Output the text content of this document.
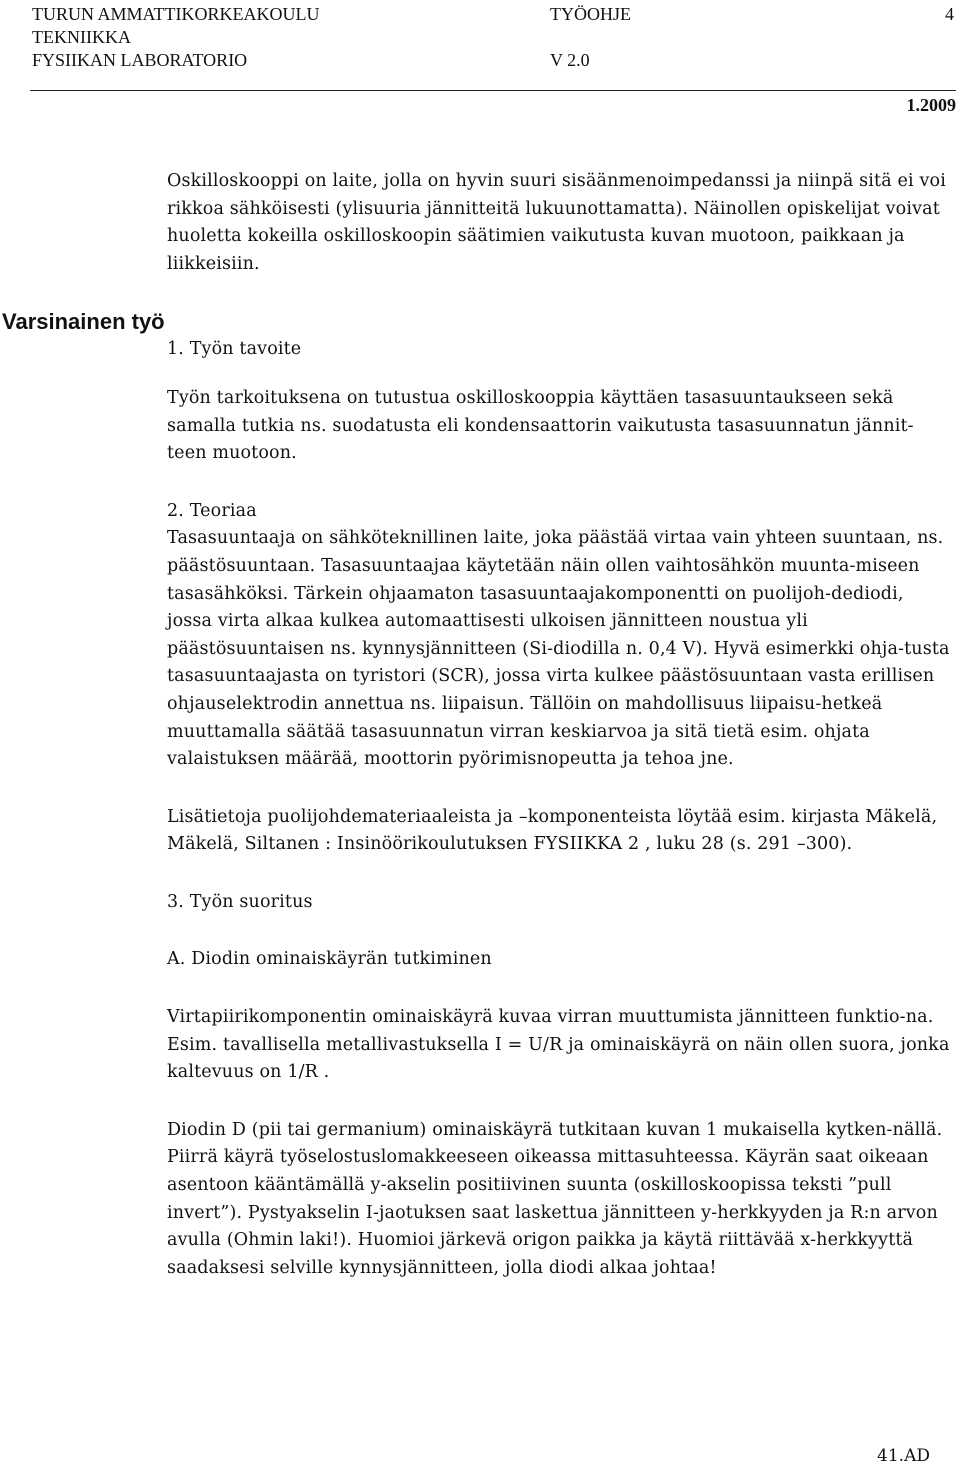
TURUN AMMATTIKORKEAKOULU
TEKNIIKKA
FYSIIKAN LABORATORIO
TYÖOHJE
V 2.0
4
1.2009
Varsinainen työ

Oskilloskooppi on laite, jolla on hyvin suuri sisäänmenoimpedanssi ja niinpä sitä ei voi rikkoa sähköisesti (ylisuuria jännitteitä lukuunottamatta). Näinollen opiskelijat voivat huoletta kokeilla oskilloskoopin säätimien vaikutusta kuvan muotoon, paikkaan ja liikkeisiin.

1. Työn tavoite

Työn tarkoituksena on tutustua oskilloskooppia käyttäen tasasuuntaukseen sekä samalla tutkia ns. suodatusta eli kondensaattorin vaikutusta tasasuunnatun jännit-teen muotoon.

2. Teoriaa

Tasasuuntaaja on sähköteknillinen laite, joka päästää virtaa vain yhteen suuntaan, ns. päästösuuntaan. Tasasuuntaajaa käytetään näin ollen vaihtosähkön muunta-miseen tasasähköksi. Tärkein ohjaamaton tasasuuntaajakomponentti on puolijoh-dediodi, jossa virta alkaa kulkea automaattisesti ulkoisen jännitteen noustua yli päästösuuntaisen ns. kynnysjännitteen (Si-diodilla n. 0,4 V). Hyvä esimerkki ohja-tusta tasasuuntaajasta on tyristori (SCR), jossa virta kulkee päästösuuntaan vasta erillisen ohjauselektrodin annettua ns. liipaisun. Tällöin on mahdollisuus liipaisu-hetkeä muuttamalla säätää tasasuunnatun virran keskiarvoa ja sitä tietä esim. ohjata valaistuksen määrää, moottorin pyörimisnopeutta ja tehoa jne.

Lisätietoja puolijohdemateriaaleista ja –komponenteista löytää esim. kirjasta Mäkelä, Mäkelä, Siltanen : Insinöörikoulutuksen FYSIIKKA 2 , luku 28 (s. 291 –300).

3. Työn suoritus

A. Diodin ominaiskäyrän tutkiminen

Virtapiirikomponentin ominaiskäyrä kuvaa virran muuttumista jännitteen funktio-na. Esim. tavallisella metallivastuksella I = U/R ja ominaiskäyrä on näin ollen suora, jonka kaltevuus on 1/R .

Diodin D (pii tai germanium) ominaiskäyrä tutkitaan kuvan 1 mukaisella kytken-nällä. Piirrä käyrä työselostuslomakkeeseen oikeassa mittasuhteessa. Käyrän saat oikeaan asentoon kääntämällä y-akselin positiivinen suunta (oskilloskoopissa teksti ”pull invert”). Pystyakselin I-jaotuksen saat laskettua jännitteen y-herkkyyden ja R:n arvon avulla (Ohmin laki!). Huomioi järkevä origon paikka ja käytä riittävää x-herkkyyttä saadaksesi selville kynnysjännitteen, jolla diodi alkaa johtaa!

41.AD
